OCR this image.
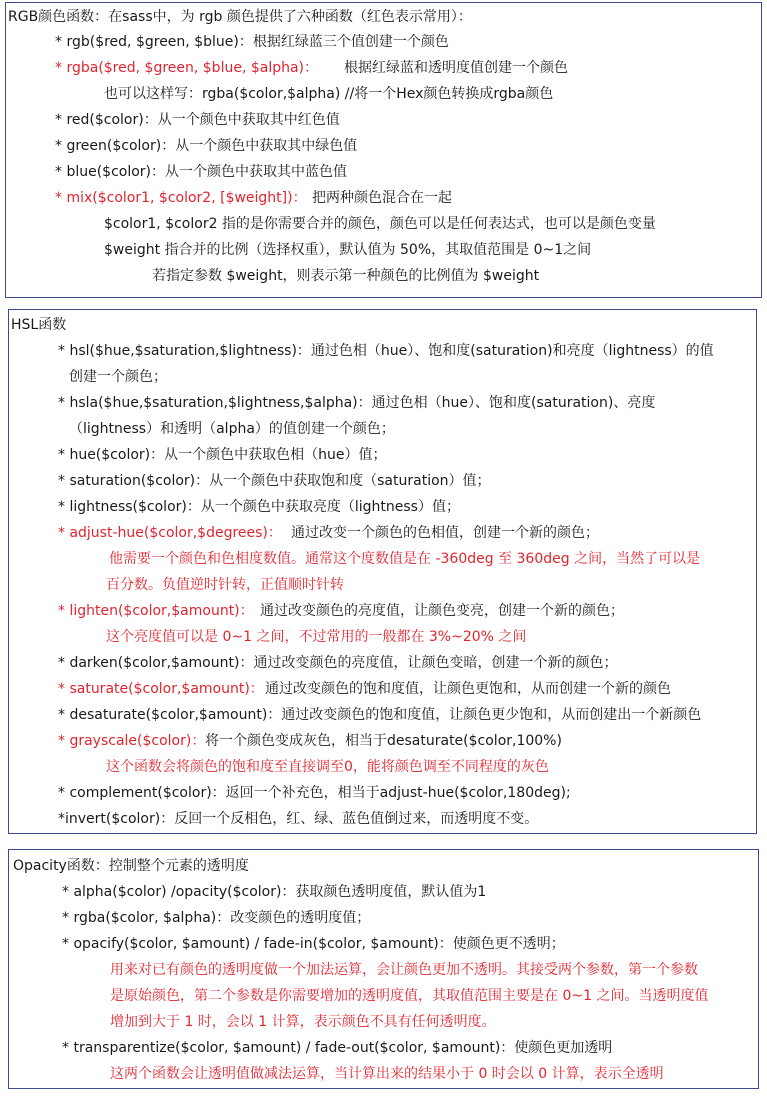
RGB颜色函数：在sass中，为 rgb 颜色提供了六种函数（红色表示常用）：
* rgb($red, $green, $blue)：根据红绿蓝三个值创建一个颜色
* rgba($red, $green, $blue, $alpha)： 根据红绿蓝和透明度值创建一个颜色
也可以这样写：rgba($color,$alpha) //将一个Hex颜色转换成rgba颜色
* red($color)：从一个颜色中获取其中红色值
* green($color)：从一个颜色中获取其中绿色值
* blue($color)：从一个颜色中获取其中蓝色值
* mix($color1, $color2, [$weight])： 把两种颜色混合在一起
$color1, $color2 指的是你需要合并的颜色，颜色可以是任何表达式，也可以是颜色变量
$weight 指合并的比例（选择权重），默认值为 50%，其取值范围是 0~1之间
若指定参数 $weight，则表示第一种颜色的比例值为 $weight
HSL函数
* hsl($hue,$saturation,$lightness)：通过色相（hue）、饱和度(saturation)和亮度（lightness）的值
创建一个颜色；
* hsla($hue,$saturation,$lightness,$alpha)：通过色相（hue）、饱和度(saturation)、亮度
（lightness）和透明（alpha）的值创建一个颜色；
* hue($color)：从一个颜色中获取色相（hue）值；
* saturation($color)：从一个颜色中获取饱和度（saturation）值；
* lightness($color)：从一个颜色中获取亮度（lightness）值；
* adjust-hue($color,$degrees)： 通过改变一个颜色的色相值，创建一个新的颜色；
他需要一个颜色和色相度数值。通常这个度数值是在 -360deg 至 360deg 之间，当然了可以是
百分数。负值逆时针转，正值顺时针转
* lighten($color,$amount)： 通过改变颜色的亮度值，让颜色变亮，创建一个新的颜色；
这个亮度值可以是 0~1 之间，不过常用的一般都在 3%~20% 之间
* darken($color,$amount)：通过改变颜色的亮度值，让颜色变暗，创建一个新的颜色；
* saturate($color,$amount)： 通过改变颜色的饱和度值，让颜色更饱和，从而创建一个新的颜色
* desaturate($color,$amount)：通过改变颜色的饱和度值，让颜色更少饱和，从而创建出一个新颜色
* grayscale($color)： 将一个颜色变成灰色，相当于desaturate($color,100%)
这个函数会将颜色的饱和度至直接调至0，能将颜色调至不同程度的灰色
* complement($color)：返回一个补充色，相当于adjust-hue($color,180deg);
*invert($color)：反回一个反相色，红、绿、蓝色值倒过来，而透明度不变。
Opacity函数：控制整个元素的透明度
* alpha($color) /opacity($color)：获取颜色透明度值，默认值为1
* rgba($color, $alpha)：改变颜色的透明度值；
* opacify($color, $amount) / fade-in($color, $amount)：使颜色更不透明；
用来对已有颜色的透明度做一个加法运算，会让颜色更加不透明。其接受两个参数，第一个参数
是原始颜色，第二个参数是你需要增加的透明度值，其取值范围主要是在 0~1 之间。当透明度值
增加到大于 1 时，会以 1 计算，表示颜色不具有任何透明度。
* transparentize($color, $amount) / fade-out($color, $amount)：使颜色更加透明
这两个函数会让透明值做减法运算，当计算出来的结果小于 0 时会以 0 计算，表示全透明
